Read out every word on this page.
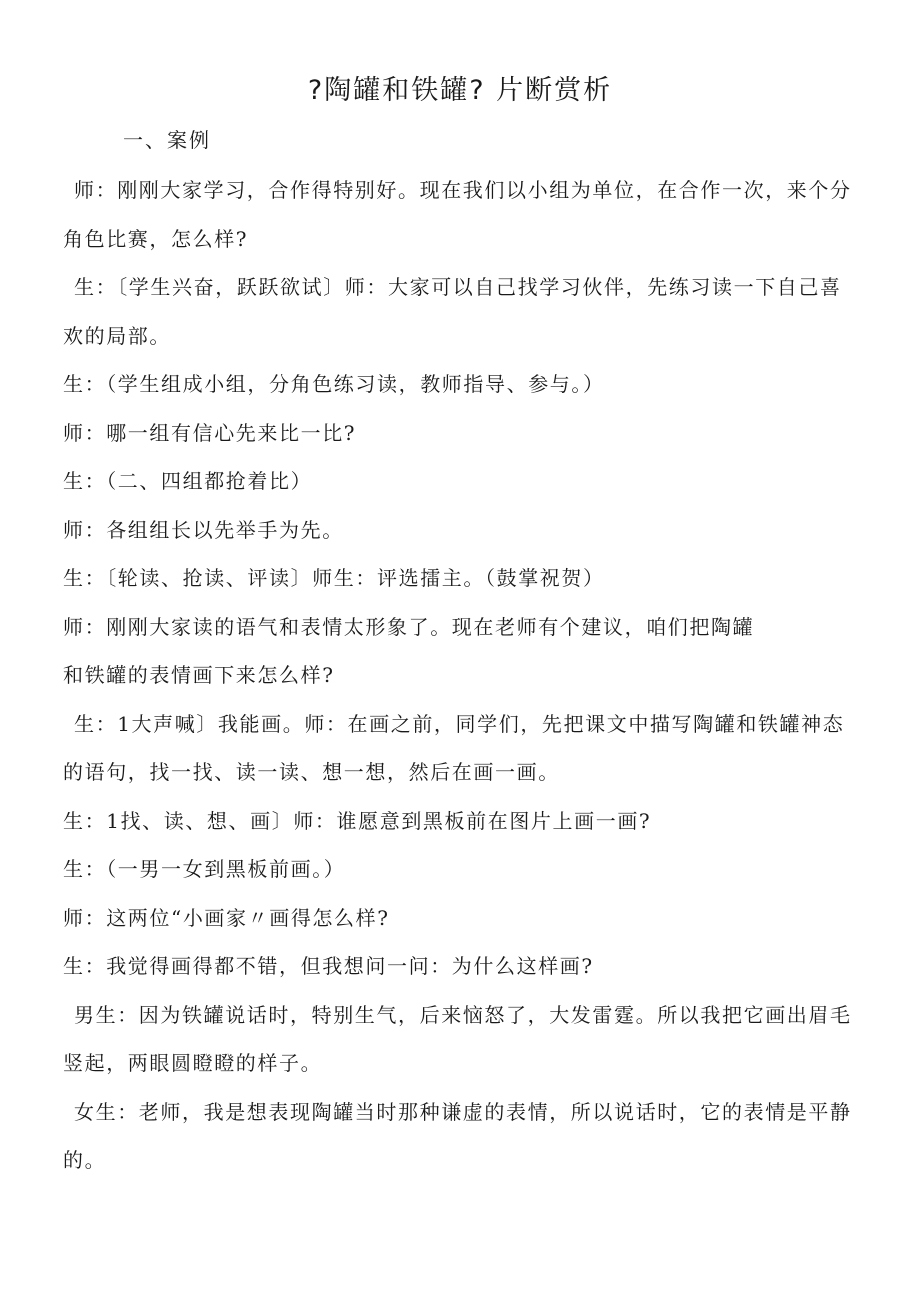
?陶罐和铁罐? 片断赏析
一、案例

师：刚刚大家学习，合作得特别好。现在我们以小组为单位，在合作一次，来个分角色比赛，怎么样?

生：〔学生兴奋，跃跃欲试〕师：大家可以自己找学习伙伴，先练习读一下自己喜欢的局部。

生：（学生组成小组，分角色练习读，教师指导、参与。）

师：哪一组有信心先来比一比?

生：（二、四组都抢着比）

师：各组组长以先举手为先。

生：〔轮读、抢读、评读〕师生：评选擂主。（鼓掌祝贺）

师：刚刚大家读的语气和表情太形象了。现在老师有个建议，咱们把陶罐

和铁罐的表情画下来怎么样?

生：1大声喊〕我能画。师：在画之前，同学们，先把课文中描写陶罐和铁罐神态的语句，找一找、读一读、想一想，然后在画一画。

生：1找、读、想、画〕师：谁愿意到黑板前在图片上画一画?

生：（一男一女到黑板前画。）

师：这两位“小画家〃画得怎么样?

生：我觉得画得都不错，但我想问一问：为什么这样画?

男生：因为铁罐说话时，特别生气，后来恼怒了，大发雷霆。所以我把它画出眉毛竖起，两眼圆瞪瞪的样子。

女生：老师，我是想表现陶罐当时那种谦虚的表情，所以说话时，它的表情是平静的。
